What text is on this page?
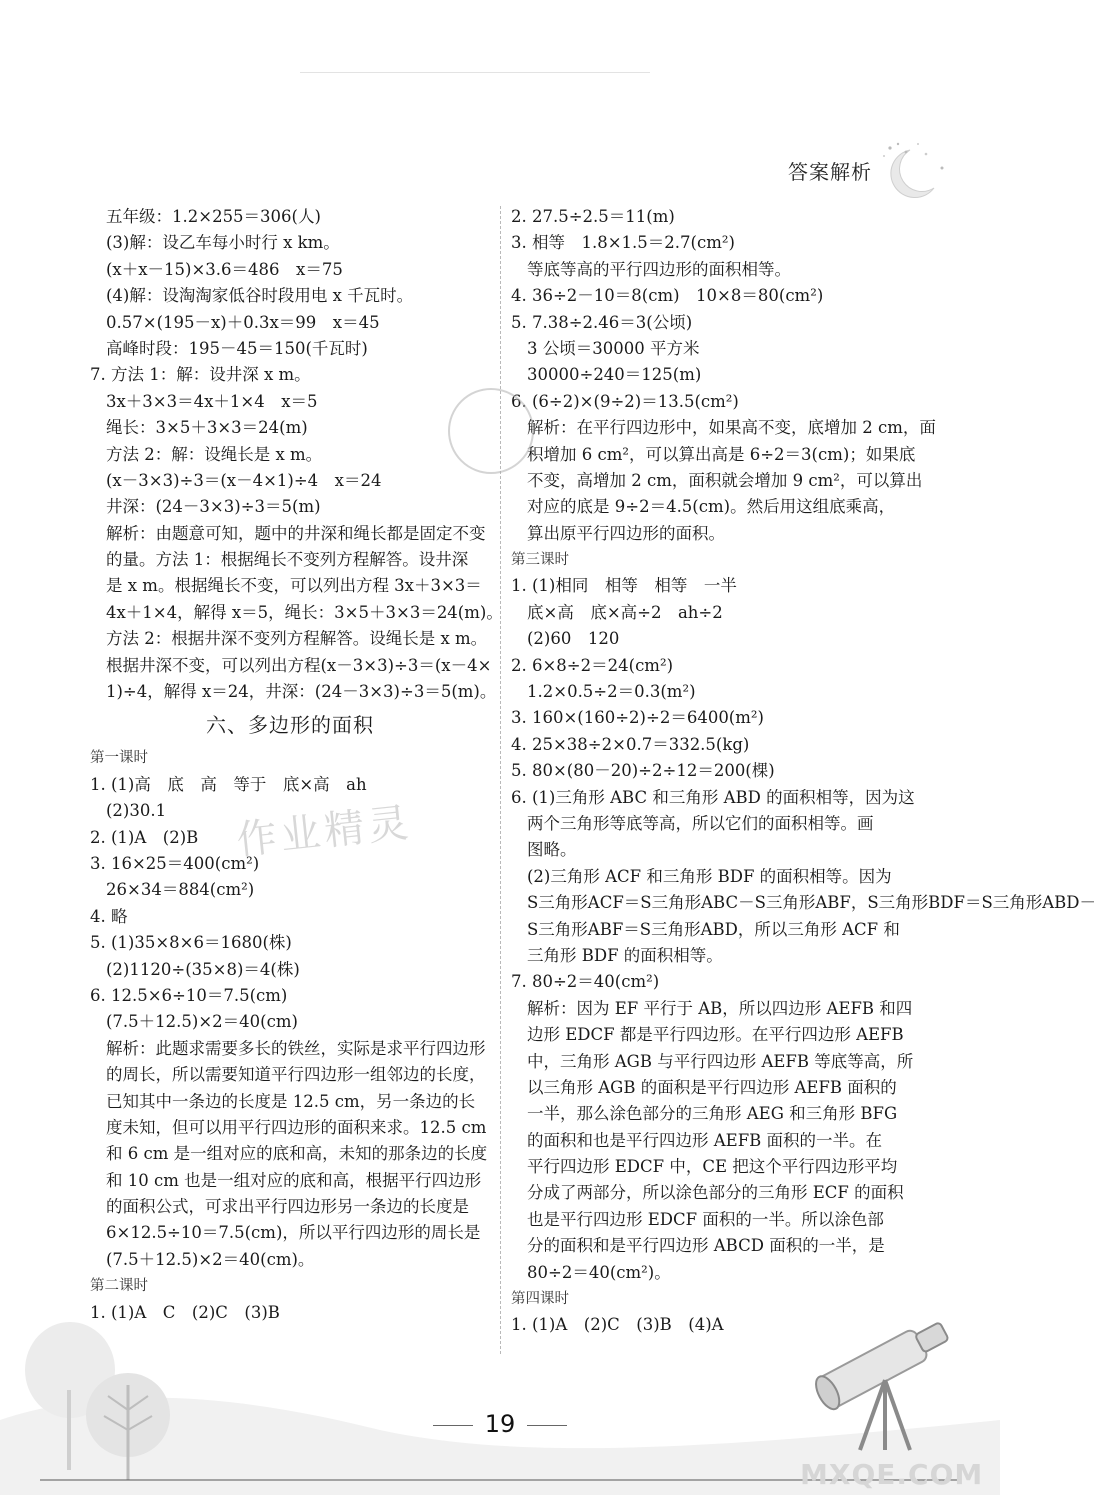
答案解析
五年级：1.2×255＝306(人)
(3)解：设乙车每小时行 x km。
(x＋x－15)×3.6＝486　x＝75
(4)解：设淘淘家低谷时段用电 x 千瓦时。
0.57×(195－x)＋0.3x＝99　x＝45
高峰时段：195－45＝150(千瓦时)
7. 方法 1：解：设井深 x m。
3x＋3×3＝4x＋1×4　x＝5
绳长：3×5＋3×3＝24(m)
方法 2：解：设绳长是 x m。
(x－3×3)÷3＝(x－4×1)÷4　x＝24
井深：(24－3×3)÷3＝5(m)
解析：由题意可知，题中的井深和绳长都是固定不变
的量。方法 1：根据绳长不变列方程解答。设井深
是 x m。根据绳长不变，可以列出方程 3x＋3×3＝
4x＋1×4，解得 x＝5，绳长：3×5＋3×3＝24(m)。
方法 2：根据井深不变列方程解答。设绳长是 x m。
根据井深不变，可以列出方程(x－3×3)÷3＝(x－4×
1)÷4，解得 x＝24，井深：(24－3×3)÷3＝5(m)。
六、多边形的面积
第一课时
1. (1)高　底　高　等于　底×高　ah
(2)30.1
2. (1)A　(2)B
3. 16×25＝400(cm²)
26×34＝884(cm²)
4. 略
5. (1)35×8×6＝1680(株)
(2)1120÷(35×8)＝4(株)
6. 12.5×6÷10＝7.5(cm)
(7.5＋12.5)×2＝40(cm)
解析：此题求需要多长的铁丝，实际是求平行四边形
的周长，所以需要知道平行四边形一组邻边的长度，
已知其中一条边的长度是 12.5 cm，另一条边的长
度未知，但可以用平行四边形的面积来求。12.5 cm
和 6 cm 是一组对应的底和高，未知的那条边的长度
和 10 cm 也是一组对应的底和高，根据平行四边形
的面积公式，可求出平行四边形另一条边的长度是
6×12.5÷10＝7.5(cm)，所以平行四边形的周长是
(7.5＋12.5)×2＝40(cm)。
第二课时
1. (1)A　C　(2)C　(3)B
2. 27.5÷2.5＝11(m)
3. 相等　1.8×1.5＝2.7(cm²)
等底等高的平行四边形的面积相等。
4. 36÷2－10＝8(cm)　10×8＝80(cm²)
5. 7.38÷2.46＝3(公顷)
3 公顷＝30000 平方米
30000÷240＝125(m)
6. (6÷2)×(9÷2)＝13.5(cm²)
解析：在平行四边形中，如果高不变，底增加 2 cm，面
积增加 6 cm²，可以算出高是 6÷2＝3(cm)；如果底
不变，高增加 2 cm，面积就会增加 9 cm²，可以算出
对应的底是 9÷2＝4.5(cm)。然后用这组底乘高，
算出原平行四边形的面积。
第三课时
1. (1)相同　相等　相等　一半
底×高　底×高÷2　ah÷2
(2)60　120
2. 6×8÷2＝24(cm²)
1.2×0.5÷2＝0.3(m²)
3. 160×(160÷2)÷2＝6400(m²)
4. 25×38÷2×0.7＝332.5(kg)
5. 80×(80－20)÷2÷12＝200(棵)
6. (1)三角形 ABC 和三角形 ABD 的面积相等，因为这
两个三角形等底等高，所以它们的面积相等。画
图略。
(2)三角形 ACF 和三角形 BDF 的面积相等。因为
S三角形ACF＝S三角形ABC－S三角形ABF，S三角形BDF＝S三角形ABD－
S三角形ABF＝S三角形ABD，所以三角形 ACF 和
三角形 BDF 的面积相等。
7. 80÷2＝40(cm²)
解析：因为 EF 平行于 AB，所以四边形 AEFB 和四
边形 EDCF 都是平行四边形。在平行四边形 AEFB
中，三角形 AGB 与平行四边形 AEFB 等底等高，所
以三角形 AGB 的面积是平行四边形 AEFB 面积的
一半，那么涂色部分的三角形 AEG 和三角形 BFG
的面积和也是平行四边形 AEFB 面积的一半。在
平行四边形 EDCF 中，CE 把这个平行四边形平均
分成了两部分，所以涂色部分的三角形 ECF 的面积
也是平行四边形 EDCF 面积的一半。所以涂色部
分的面积和是平行四边形 ABCD 面积的一半，是
80÷2＝40(cm²)。
第四课时
1. (1)A　(2)C　(3)B　(4)A
作业精灵
19
MXQE.COM
